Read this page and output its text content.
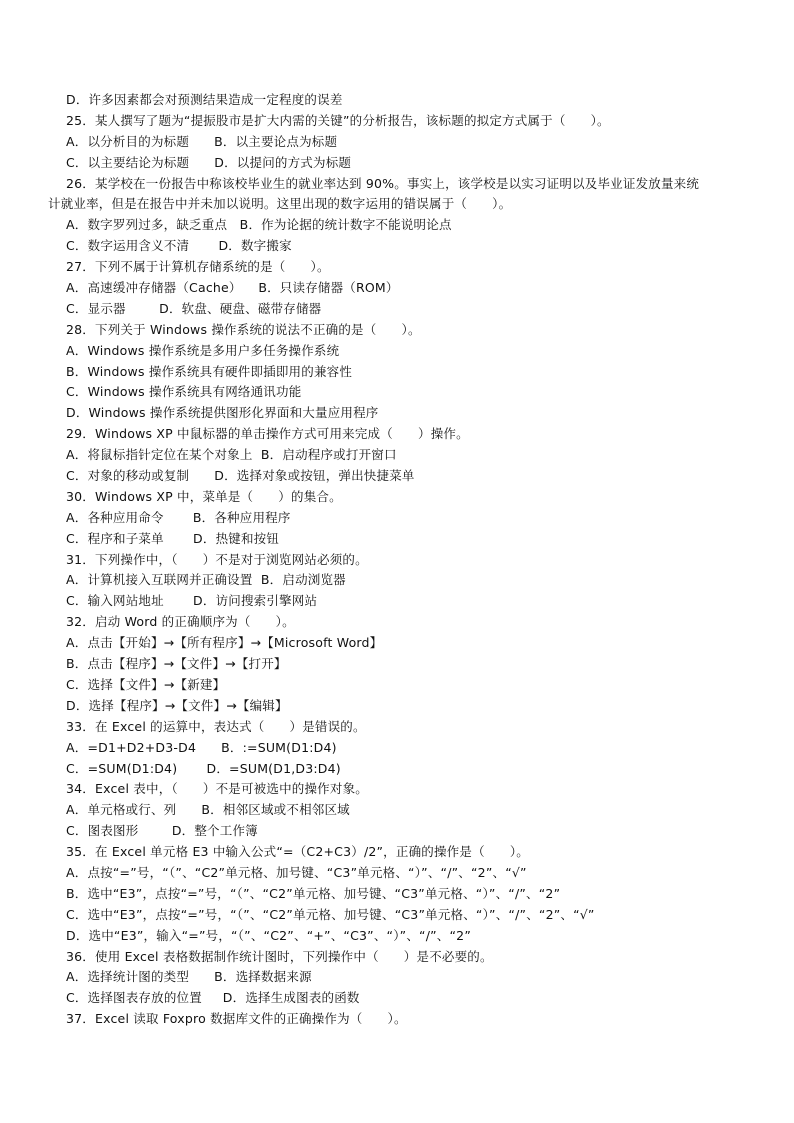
D．许多因素都会对预测结果造成一定程度的误差
25．某人撰写了题为“提振股市是扩大内需的关键”的分析报告，该标题的拟定方式属于（      ）。
A．以分析目的为标题      B．以主要论点为标题
C．以主要结论为标题      D．以提问的方式为标题
26．某学校在一份报告中称该校毕业生的就业率达到 90%。事实上，该学校是以实习证明以及毕业证发放量来统
计就业率，但是在报告中并未加以说明。这里出现的数字运用的错误属于（      ）。
A．数字罗列过多，缺乏重点   B．作为论据的统计数字不能说明论点
C．数字运用含义不清       D．数字搬家
27．下列不属于计算机存储系统的是（      ）。
A．高速缓冲存储器（Cache）    B．只读存储器（ROM）
C．显示器        D．软盘、硬盘、磁带存储器
28．下列关于 Windows 操作系统的说法不正确的是（      ）。
A．Windows 操作系统是多用户多任务操作系统
B．Windows 操作系统具有硬件即插即用的兼容性
C．Windows 操作系统具有网络通讯功能
D．Windows 操作系统提供图形化界面和大量应用程序
29．Windows XP 中鼠标器的单击操作方式可用来完成（      ）操作。
A．将鼠标指针定位在某个对象上  B．启动程序或打开窗口
C．对象的移动或复制      D．选择对象或按钮，弹出快捷菜单
30．Windows XP 中，菜单是（      ）的集合。
A．各种应用命令       B．各种应用程序
C．程序和子菜单       D．热键和按钮
31．下列操作中，（      ）不是对于浏览网站必须的。
A．计算机接入互联网并正确设置  B．启动浏览器
C．输入网站地址       D．访问搜索引擎网站
32．启动 Word 的正确顺序为（      ）。
A．点击【开始】→【所有程序】→【Microsoft Word】
B．点击【程序】→【文件】→【打开】
C．选择【文件】→【新建】
D．选择【程序】→【文件】→【编辑】
33．在 Excel 的运算中，表达式（      ）是错误的。
A．=D1+D2+D3-D4      B．:=SUM(D1:D4)
C．=SUM(D1:D4)       D．=SUM(D1,D3:D4)
34．Excel 表中，（      ）不是可被选中的操作对象。
A．单元格或行、列      B．相邻区域或不相邻区域
C．图表图形        D．整个工作簿
35．在 Excel 单元格 E3 中输入公式“=（C2+C3）/2”，正确的操作是（      ）。
A．点按“=”号，“（”、“C2”单元格、加号键、“C3”单元格、“）”、“/”、“2”、“√”
B．选中“E3”，点按“=”号，“（”、“C2”单元格、加号键、“C3”单元格、“）”、“/”、“2”
C．选中“E3”，点按“=”号，“（”、“C2”单元格、加号键、“C3”单元格、“）”、“/”、“2”、“√”
D．选中“E3”，输入“=”号，“（”、“C2”、“+”、“C3”、“）”、“/”、“2”
36．使用 Excel 表格数据制作统计图时，下列操作中（      ）是不必要的。
A．选择统计图的类型      B．选择数据来源
C．选择图表存放的位置     D．选择生成图表的函数
37．Excel 读取 Foxpro 数据库文件的正确操作为（      ）。
